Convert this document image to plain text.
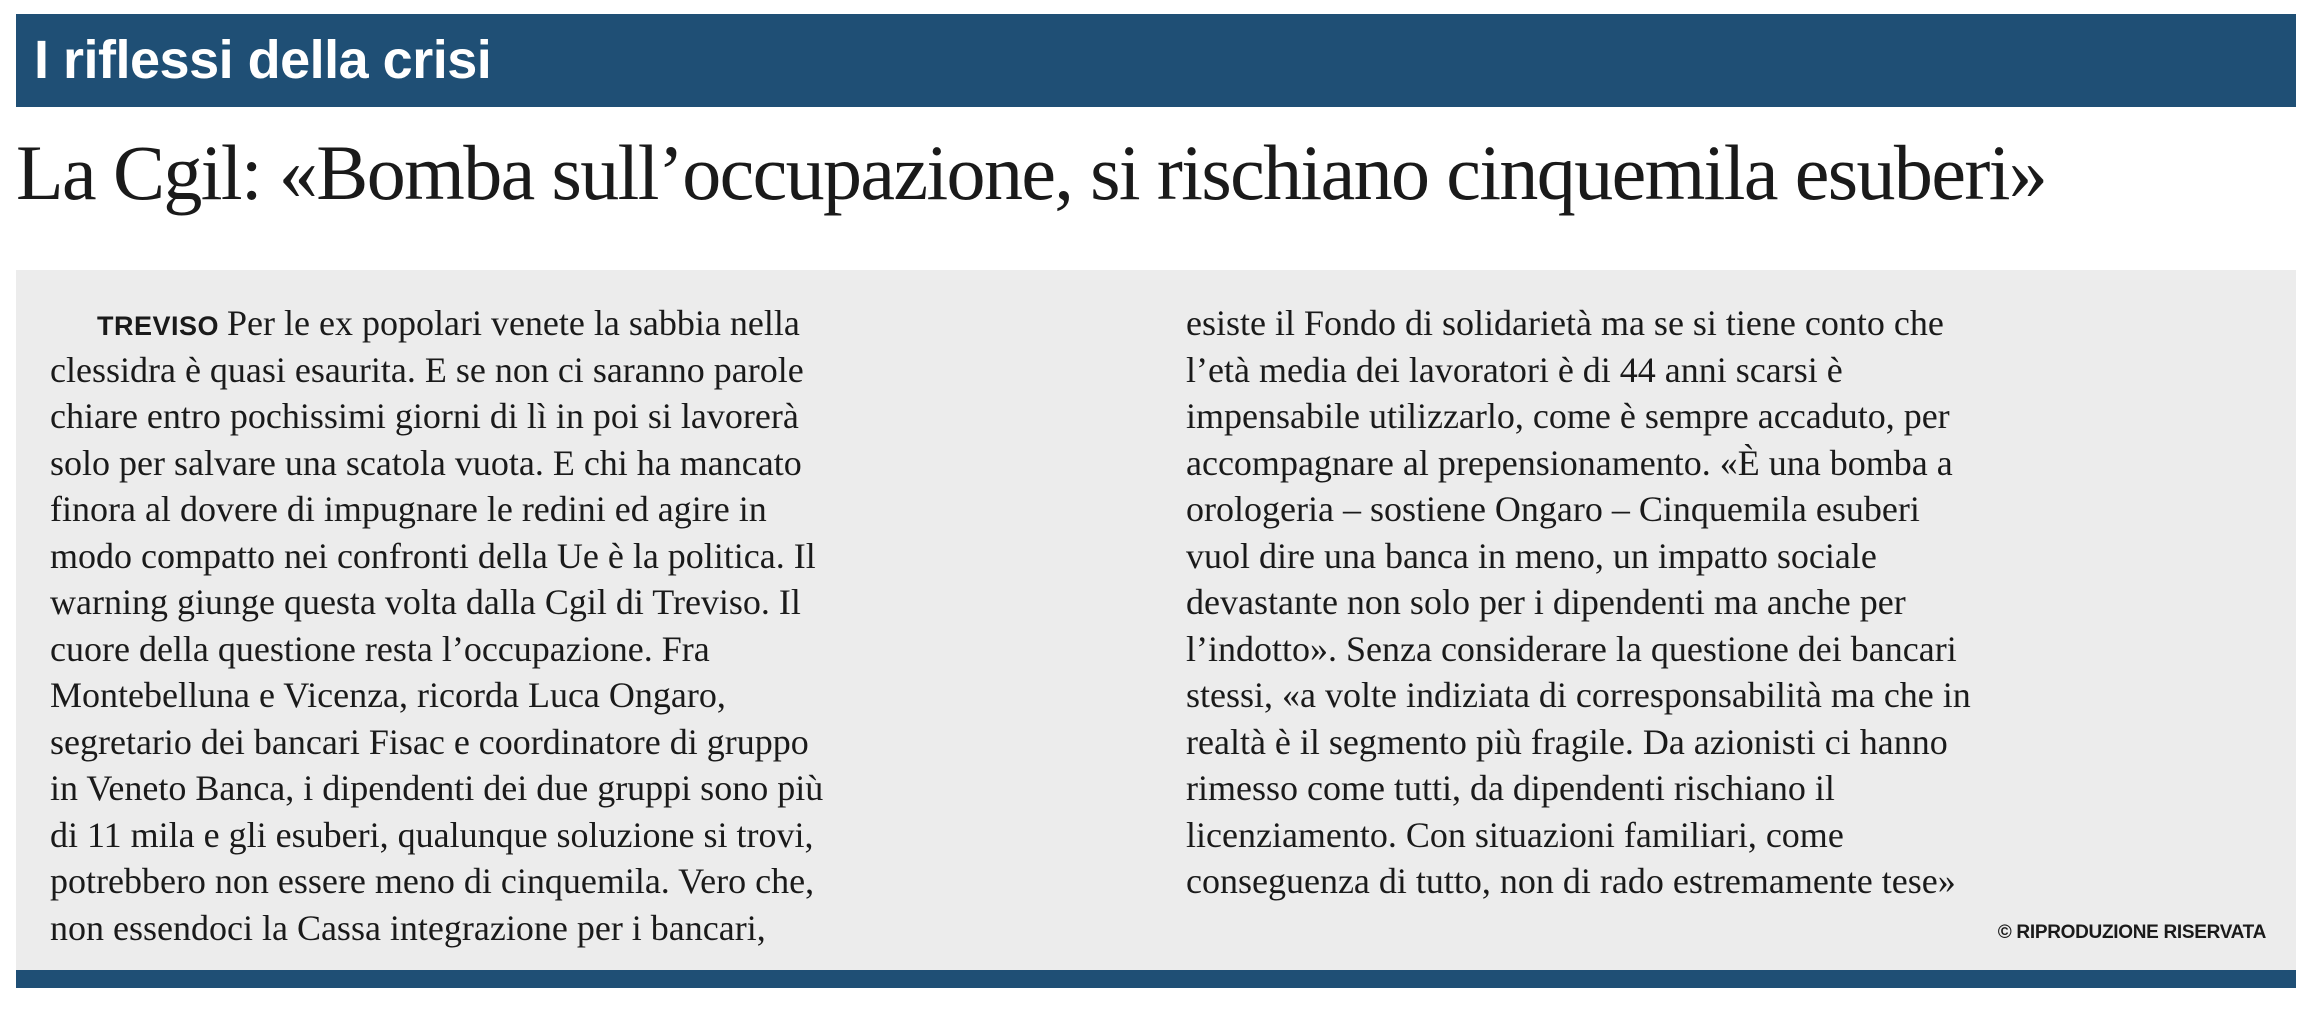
I riflessi della crisi
La Cgil: «Bomba sull’occupazione, si rischiano cinquemila esuberi»
TREVISO Per le ex popolari venete la sabbia nella
clessidra è quasi esaurita. E se non ci saranno parole
chiare entro pochissimi giorni di lì in poi si lavorerà
solo per salvare una scatola vuota. E chi ha mancato
finora al dovere di impugnare le redini ed agire in
modo compatto nei confronti della Ue è la politica. Il
warning giunge questa volta dalla Cgil di Treviso. Il
cuore della questione resta l’occupazione. Fra
Montebelluna e Vicenza, ricorda Luca Ongaro,
segretario dei bancari Fisac e coordinatore di gruppo
in Veneto Banca, i dipendenti dei due gruppi sono più
di 11 mila e gli esuberi, qualunque soluzione si trovi,
potrebbero non essere meno di cinquemila. Vero che,
non essendoci la Cassa integrazione per i bancari,
esiste il Fondo di solidarietà ma se si tiene conto che
l’età media dei lavoratori è di 44 anni scarsi è
impensabile utilizzarlo, come è sempre accaduto, per
accompagnare al prepensionamento. «È una bomba a
orologeria – sostiene Ongaro – Cinquemila esuberi
vuol dire una banca in meno, un impatto sociale
devastante non solo per i dipendenti ma anche per
l’indotto». Senza considerare la questione dei bancari
stessi, «a volte indiziata di corresponsabilità ma che in
realtà è il segmento più fragile. Da azionisti ci hanno
rimesso come tutti, da dipendenti rischiano il
licenziamento. Con situazioni familiari, come
conseguenza di tutto, non di rado estremamente tese»
© RIPRODUZIONE RISERVATA
